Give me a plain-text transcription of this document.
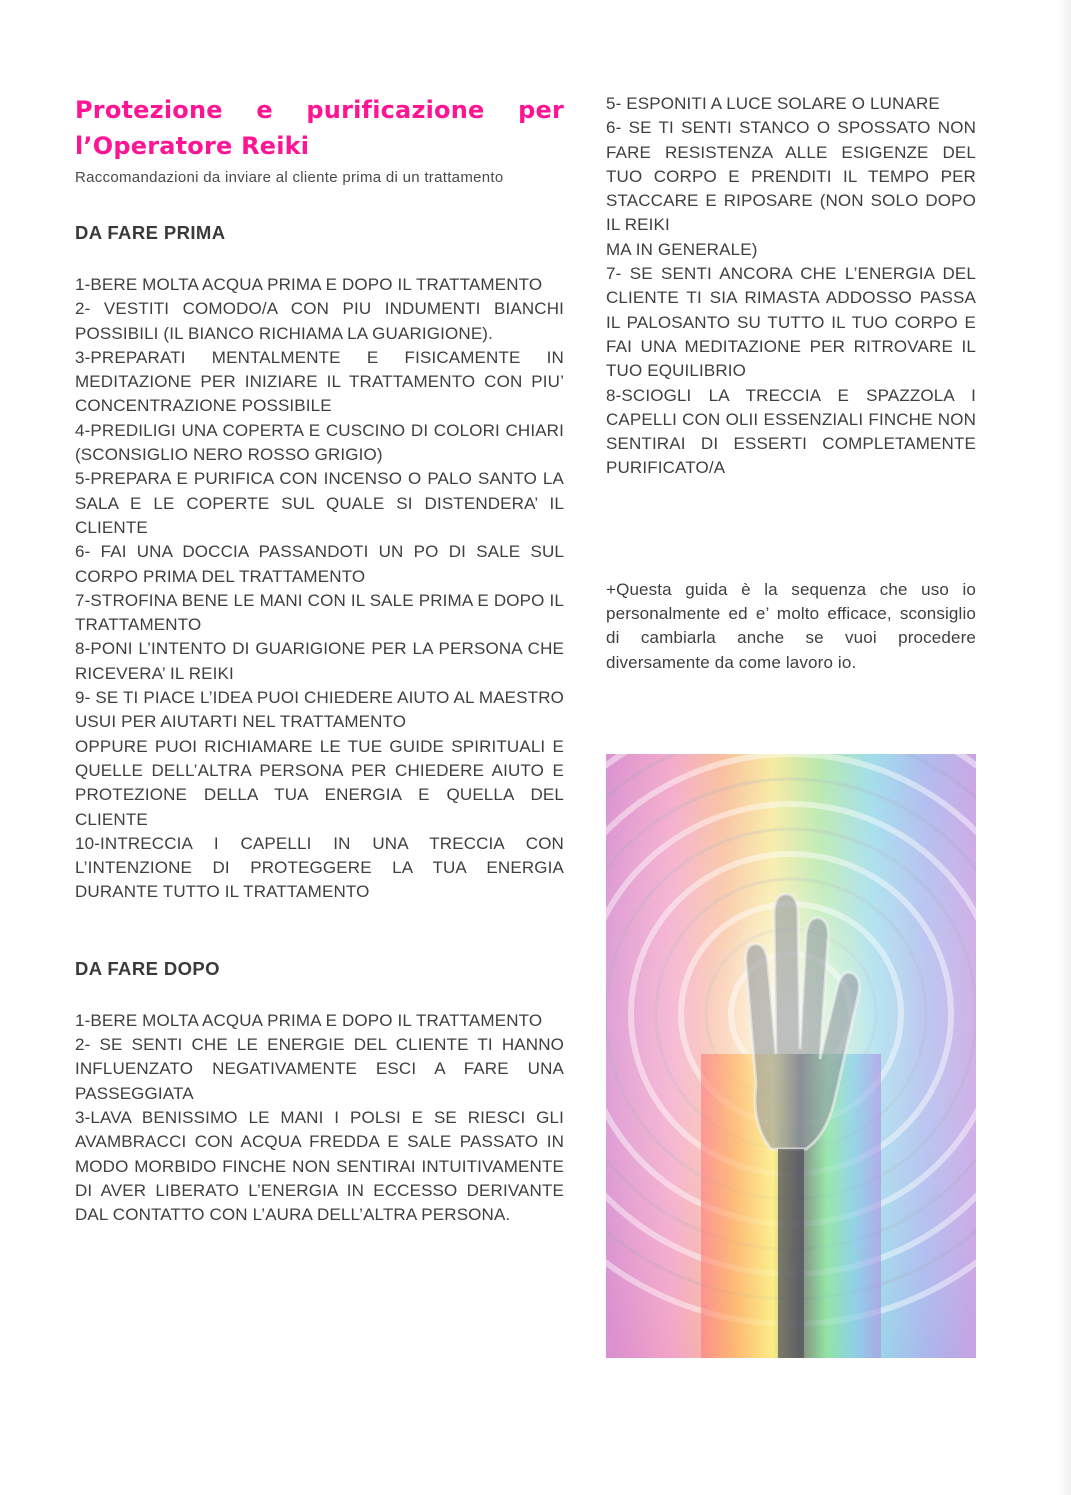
Protezione e purificazione per l’Operatore Reiki

Raccomandazioni da inviare al cliente prima di un trattamento

DA FARE PRIMA

1-BERE MOLTA ACQUA PRIMA E DOPO IL TRATTAMENTO

2- VESTITI COMODO/A CON PIU INDUMENTI BIANCHI POSSIBILI (IL BIANCO RICHIAMA LA GUARIGIONE).

3-PREPARATI MENTALMENTE E FISICAMENTE IN MEDITAZIONE PER INIZIARE IL TRATTAMENTO CON PIU’ CONCENTRAZIONE POSSIBILE

4-PREDILIGI UNA COPERTA E CUSCINO DI COLORI CHIARI (SCONSIGLIO NERO ROSSO GRIGIO)

5-PREPARA E PURIFICA CON INCENSO O PALO SANTO LA SALA E LE COPERTE SUL QUALE SI DISTENDERA’ IL CLIENTE

6- FAI UNA DOCCIA PASSANDOTI UN PO DI SALE SUL CORPO PRIMA DEL TRATTAMENTO

7-STROFINA BENE LE MANI CON IL SALE PRIMA E DOPO IL TRATTAMENTO

8-PONI L’INTENTO DI GUARIGIONE PER LA PERSONA CHE RICEVERA’ IL REIKI

9- SE TI PIACE L’IDEA PUOI CHIEDERE AIUTO AL MAESTRO USUI PER AIUTARTI NEL TRATTAMENTO

OPPURE PUOI RICHIAMARE LE TUE GUIDE SPIRITUALI E QUELLE DELL’ALTRA PERSONA PER CHIEDERE AIUTO E PROTEZIONE DELLA TUA ENERGIA E QUELLA DEL CLIENTE

10-INTRECCIA I CAPELLI IN UNA TRECCIA CON L’INTENZIONE DI PROTEGGERE LA TUA ENERGIA DURANTE TUTTO IL TRATTAMENTO

DA FARE DOPO

1-BERE MOLTA ACQUA PRIMA E DOPO IL TRATTAMENTO

2- SE SENTI CHE LE ENERGIE DEL CLIENTE TI HANNO INFLUENZATO NEGATIVAMENTE ESCI A FARE UNA PASSEGGIATA

3-LAVA BENISSIMO LE MANI I POLSI E SE RIESCI GLI AVAMBRACCI CON ACQUA FREDDA E SALE PASSATO IN MODO MORBIDO FINCHE NON SENTIRAI INTUITIVAMENTE DI AVER LIBERATO L’ENERGIA IN ECCESSO DERIVANTE DAL CONTATTO CON L’AURA DELL’ALTRA PERSONA.

5- ESPONITI A LUCE SOLARE O LUNARE

6- SE TI SENTI STANCO O SPOSSATO NON FARE RESISTENZA ALLE ESIGENZE DEL TUO CORPO E PRENDITI IL TEMPO PER STACCARE E RIPOSARE (NON SOLO DOPO IL REIKI

MA IN GENERALE)

7- SE SENTI ANCORA CHE L’ENERGIA DEL CLIENTE TI SIA RIMASTA ADDOSSO PASSA IL PALOSANTO SU TUTTO IL TUO CORPO E FAI UNA MEDITAZIONE PER RITROVARE IL TUO EQUILIBRIO

8-SCIOGLI LA TRECCIA E SPAZZOLA I CAPELLI CON OLII ESSENZIALI FINCHE NON SENTIRAI DI ESSERTI COMPLETAMENTE PURIFICATO/A

+Questa guida è la sequenza che uso io personalmente ed e’ molto efficace, sconsiglio di cambiarla anche se vuoi procedere diversamente da come lavoro io.
